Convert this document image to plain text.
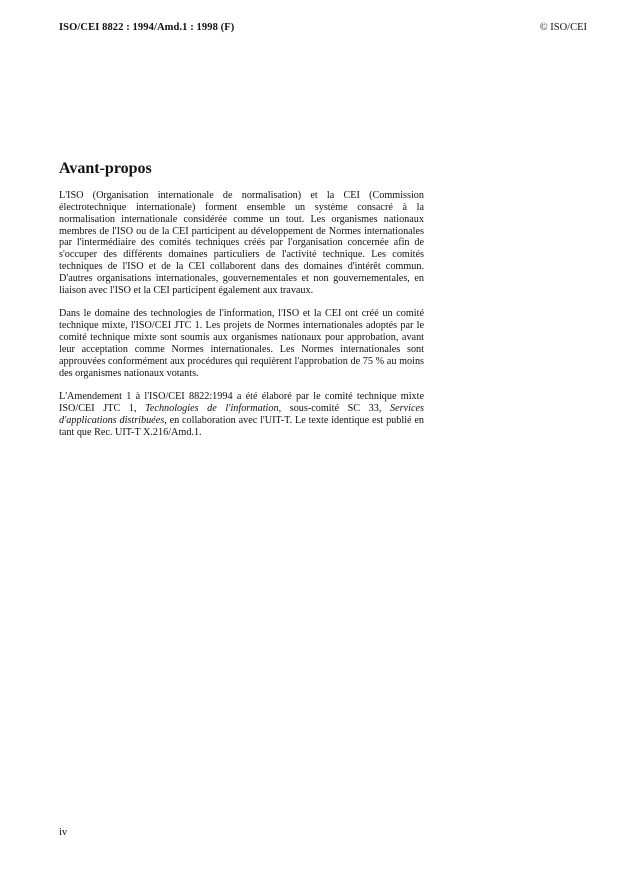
ISO/CEI 8822 : 1994/Amd.1 : 1998 (F)	© ISO/CEI
Avant-propos

L'ISO (Organisation internationale de normalisation) et la CEI (Commission électrotechnique internationale) forment ensemble un système consacré à la normalisation internationale considérée comme un tout. Les organismes nationaux membres de l'ISO ou de la CEI participent au développement de Normes internationales par l'intermédiaire des comités techniques créés par l'organisation concernée afin de s'occuper des différents domaines particuliers de l'activité technique. Les comités techniques de l'ISO et de la CEI collaborent dans des domaines d'intérêt commun. D'autres organisations internationales, gouvernementales et non gouvernementales, en liaison avec l'ISO et la CEI participent également aux travaux.

Dans le domaine des technologies de l'information, l'ISO et la CEI ont créé un comité technique mixte, l'ISO/CEI JTC 1. Les projets de Normes internationales adoptés par le comité technique mixte sont soumis aux organismes nationaux pour approbation, avant leur acceptation comme Normes internationales. Les Normes internationales sont approuvées conformément aux procédures qui requièrent l'approbation de 75 % au moins des organismes nationaux votants.

L'Amendement 1 à l'ISO/CEI 8822:1994 a été élaboré par le comité technique mixte ISO/CEI JTC 1, Technologies de l'information, sous-comité SC 33, Services d'applications distribuées, en collaboration avec l'UIT-T. Le texte identique est publié en tant que Rec. UIT-T X.216/Amd.1.

iv
